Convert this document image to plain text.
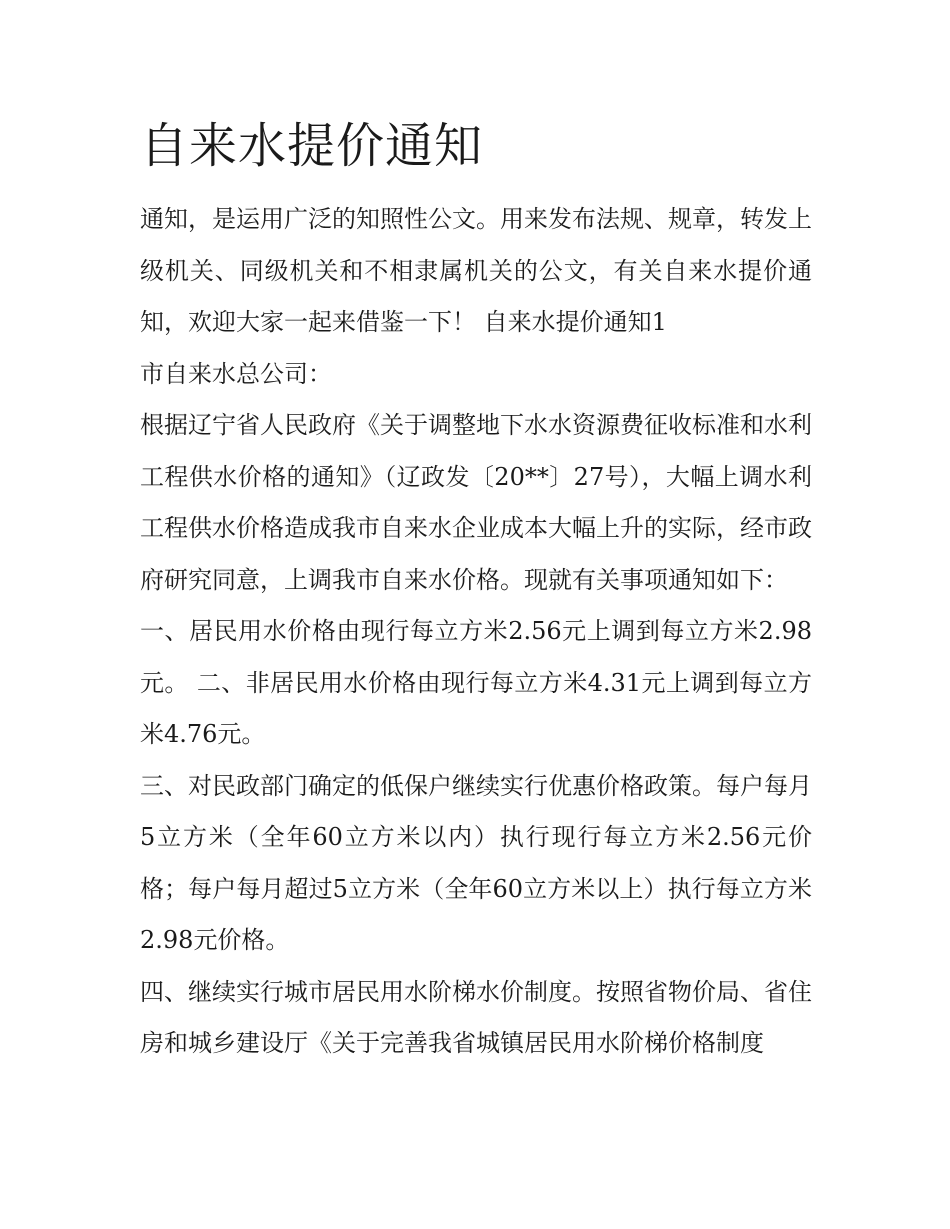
自来水提价通知

通知，是运用广泛的知照性公文。用来发布法规、规章，转发上级机关、同级机关和不相隶属机关的公文，有关自来水提价通知，欢迎大家一起来借鉴一下！ 自来水提价通知1

市自来水总公司：

根据辽宁省人民政府《关于调整地下水水资源费征收标准和水利工程供水价格的通知》（辽政发〔20**〕27号），大幅上调水利工程供水价格造成我市自来水企业成本大幅上升的实际，经市政府研究同意，上调我市自来水价格。现就有关事项通知如下：

一、居民用水价格由现行每立方米2.56元上调到每立方米2.98元。 二、非居民用水价格由现行每立方米4.31元上调到每立方米4.76元。

三、对民政部门确定的低保户继续实行优惠价格政策。每户每月5立方米（全年60立方米以内）执行现行每立方米2.56元价格；每户每月超过5立方米（全年60立方米以上）执行每立方米2.98元价格。

四、继续实行城市居民用水阶梯水价制度。按照省物价局、省住房和城乡建设厅《关于完善我省城镇居民用水阶梯价格制度
